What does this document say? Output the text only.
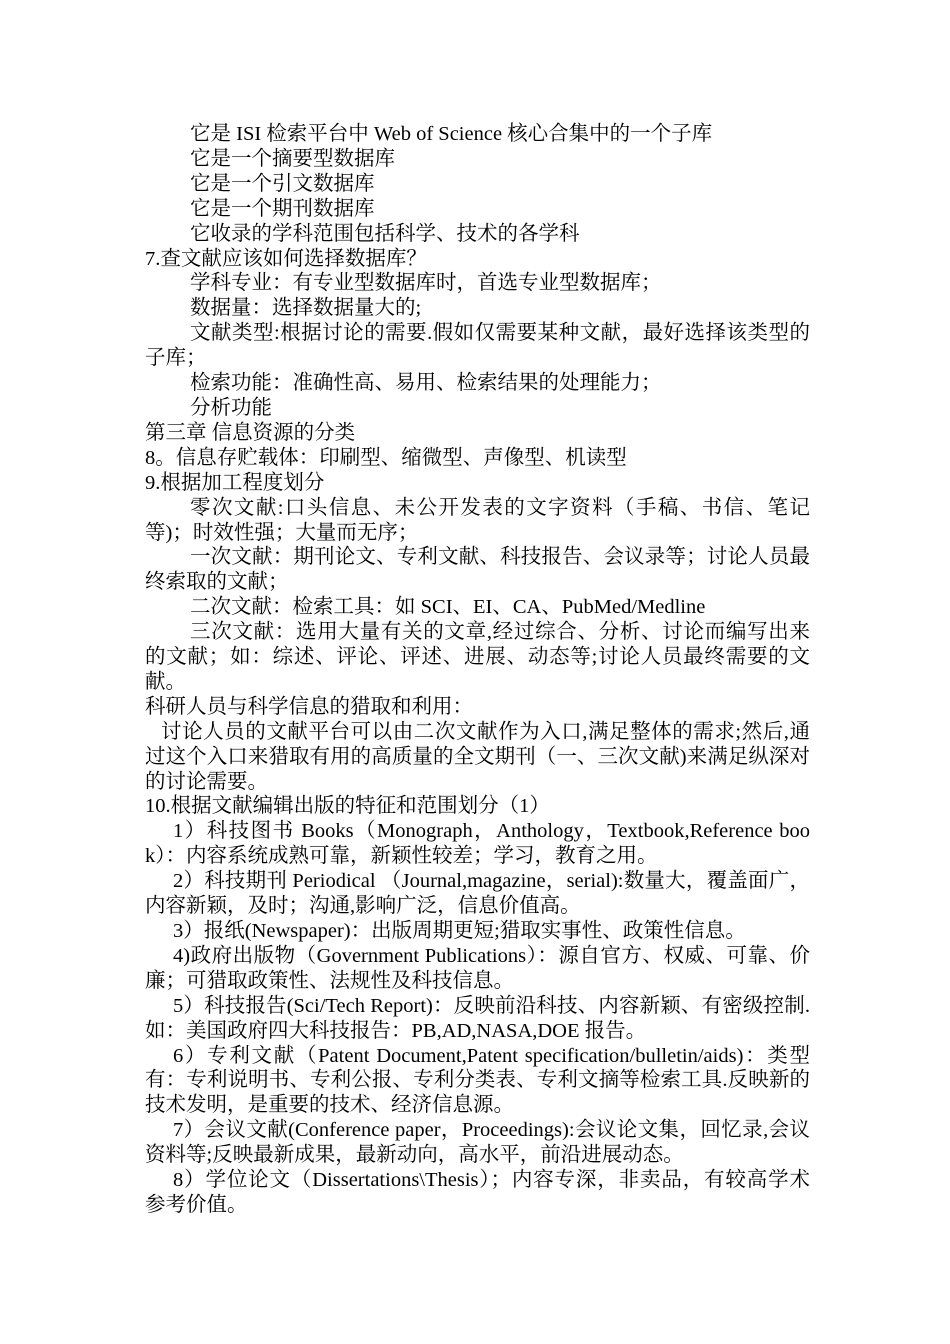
它是 ISI 检索平台中 Web of Science 核心合集中的一个子库

它是一个摘要型数据库

它是一个引文数据库

它是一个期刊数据库

它收录的学科范围包括科学、技术的各学科

7.查文献应该如何选择数据库？

学科专业：有专业型数据库时，首选专业型数据库；

数据量：选择数据量大的;

文献类型:根据讨论的需要.假如仅需要某种文献，最好选择该类型的子库；

检索功能：准确性高、易用、检索结果的处理能力；

分析功能

第三章 信息资源的分类

8。信息存贮载体：印刷型、缩微型、声像型、机读型

9.根据加工程度划分

零次文献:口头信息、未公开发表的文字资料（手稿、书信、笔记等)；时效性强；大量而无序；

一次文献：期刊论文、专利文献、科技报告、会议录等；讨论人员最终索取的文献；

二次文献：检索工具：如 SCI、EI、CA、PubMed/Medline

三次文献：选用大量有关的文章,经过综合、分析、讨论而编写出来的文献；如：综述、评论、评述、进展、动态等;讨论人员最终需要的文献。

科研人员与科学信息的猎取和利用：

讨论人员的文献平台可以由二次文献作为入口,满足整体的需求;然后,通过这个入口来猎取有用的高质量的全文期刊（一、三次文献)来满足纵深对的讨论需要。

10.根据文献编辑出版的特征和范围划分（1）

1）科技图书 Books（Monograph，Anthology，Textbook,Reference book）：内容系统成熟可靠，新颖性较差；学习，教育之用。

2）科技期刊 Periodical （Journal,magazine，serial):数量大，覆盖面广，内容新颖，及时；沟通,影响广泛，信息价值高。

3）报纸(Newspaper)：出版周期更短;猎取实事性、政策性信息。

4)政府出版物（Government Publications）：源自官方、权威、可靠、价廉；可猎取政策性、法规性及科技信息。

5）科技报告(Sci/Tech Report)：反映前沿科技、内容新颖、有密级控制.如：美国政府四大科技报告：PB,AD,NASA,DOE 报告。

6）专利文献（Patent Document,Patent specification/bulletin/aids)：类型有：专利说明书、专利公报、专利分类表、专利文摘等检索工具.反映新的技术发明，是重要的技术、经济信息源。

7）会议文献(Conference paper，Proceedings):会议论文集，回忆录,会议资料等;反映最新成果，最新动向，高水平，前沿进展动态。

8）学位论文（Dissertations\Thesis）；内容专深，非卖品，有较高学术参考价值。
